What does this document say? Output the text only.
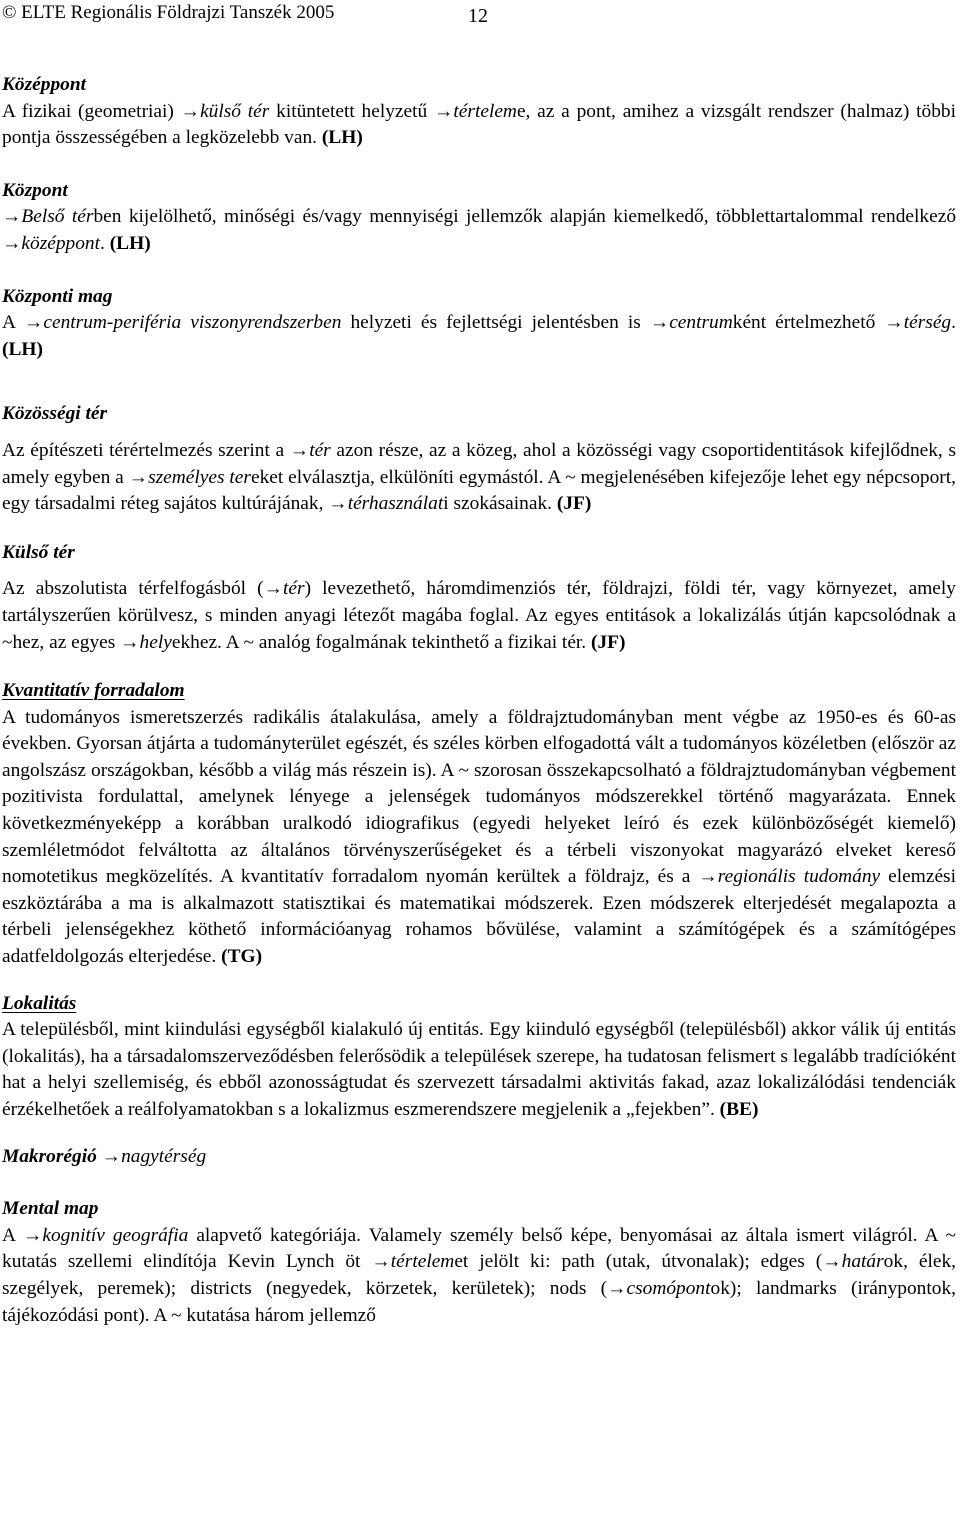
© ELTE Regionális Földrajzi Tanszék 2005	12
Középpont

A fizikai (geometriai) →külső tér kitüntetett helyzetű →térteleme, az a pont, amihez a vizsgált rendszer (halmaz) többi pontja összességében a legközelebb van. (LH)

Központ

→Belső térben kijelölhető, minőségi és/vagy mennyiségi jellemzők alapján kiemelkedő, többlettartalommal rendelkező →középpont. (LH)

Központi mag

A →centrum-periféria viszonyrendszerben helyzeti és fejlettségi jelentésben is →centrumként értelmezhető →térség. (LH)

Közösségi tér

Az építészeti térértelmezés szerint a →tér azon része, az a közeg, ahol a közösségi vagy csoportidentitások kifejlődnek, s amely egyben a →személyes tereket elválasztja, elkülöníti egymástól. A ~ megjelenésében kifejezője lehet egy népcsoport, egy társadalmi réteg sajátos kultúrájának, →térhasználati szokásainak. (JF)

Külső tér

Az abszolutista térfelfogásból (→tér) levezethető, háromdimenziós tér, földrajzi, földi tér, vagy környezet, amely tartályszerűen körülvesz, s minden anyagi létezőt magába foglal. Az egyes entitások a lokalizálás útján kapcsolódnak a ~hez, az egyes →helyekhez. A ~ analóg fogalmának tekinthető a fizikai tér. (JF)

Kvantitatív forradalom

A tudományos ismeretszerzés radikális átalakulása, amely a földrajztudományban ment végbe az 1950-es és 60-as években. Gyorsan átjárta a tudományterület egészét, és széles körben elfogadottá vált a tudományos közéletben (először az angolszász országokban, később a világ más részein is). A ~ szorosan összekapcsolható a földrajztudományban végbement pozitivista fordulattal, amelynek lényege a jelenségek tudományos módszerekkel történő magyarázata. Ennek következményeképp a korábban uralkodó idiografikus (egyedi helyeket leíró és ezek különbözőségét kiemelő) szemléletmódot felváltotta az általános törvényszerűségeket és a térbeli viszonyokat magyarázó elveket kereső nomotetikus megközelítés. A kvantitatív forradalom nyomán kerültek a földrajz, és a →regionális tudomány elemzési eszköztárába a ma is alkalmazott statisztikai és matematikai módszerek. Ezen módszerek elterjedését megalapozta a térbeli jelenségekhez köthető információanyag rohamos bővülése, valamint a számítógépek és a számítógépes adatfeldolgozás elterjedése. (TG)

Lokalitás

A településből, mint kiindulási egységből kialakuló új entitás. Egy kiinduló egységből (településből) akkor válik új entitás (lokalitás), ha a társadalomszerveződésben felerősödik a települések szerepe, ha tudatosan felismert s legalább tradícióként hat a helyi szellemiség, és ebből azonosságtudat és szervezett társadalmi aktivitás fakad, azaz lokalizálódási tendenciák érzékelhetőek a reálfolyamatokban s a lokalizmus eszmerendszere megjelenik a „fejekben”. (BE)

Makrorégió →nagytérség
Mental map

A →kognitív geográfia alapvető kategóriája. Valamely személy belső képe, benyomásai az általa ismert világról. A ~ kutatás szellemi elindítója Kevin Lynch öt →tértelemet jelölt ki: path (utak, útvonalak); edges (→határok, élek, szegélyek, peremek); districts (negyedek, körzetek, kerületek); nods (→csomópontok); landmarks (iránypontok, tájékozódási pont). A ~ kutatása három jellemző
